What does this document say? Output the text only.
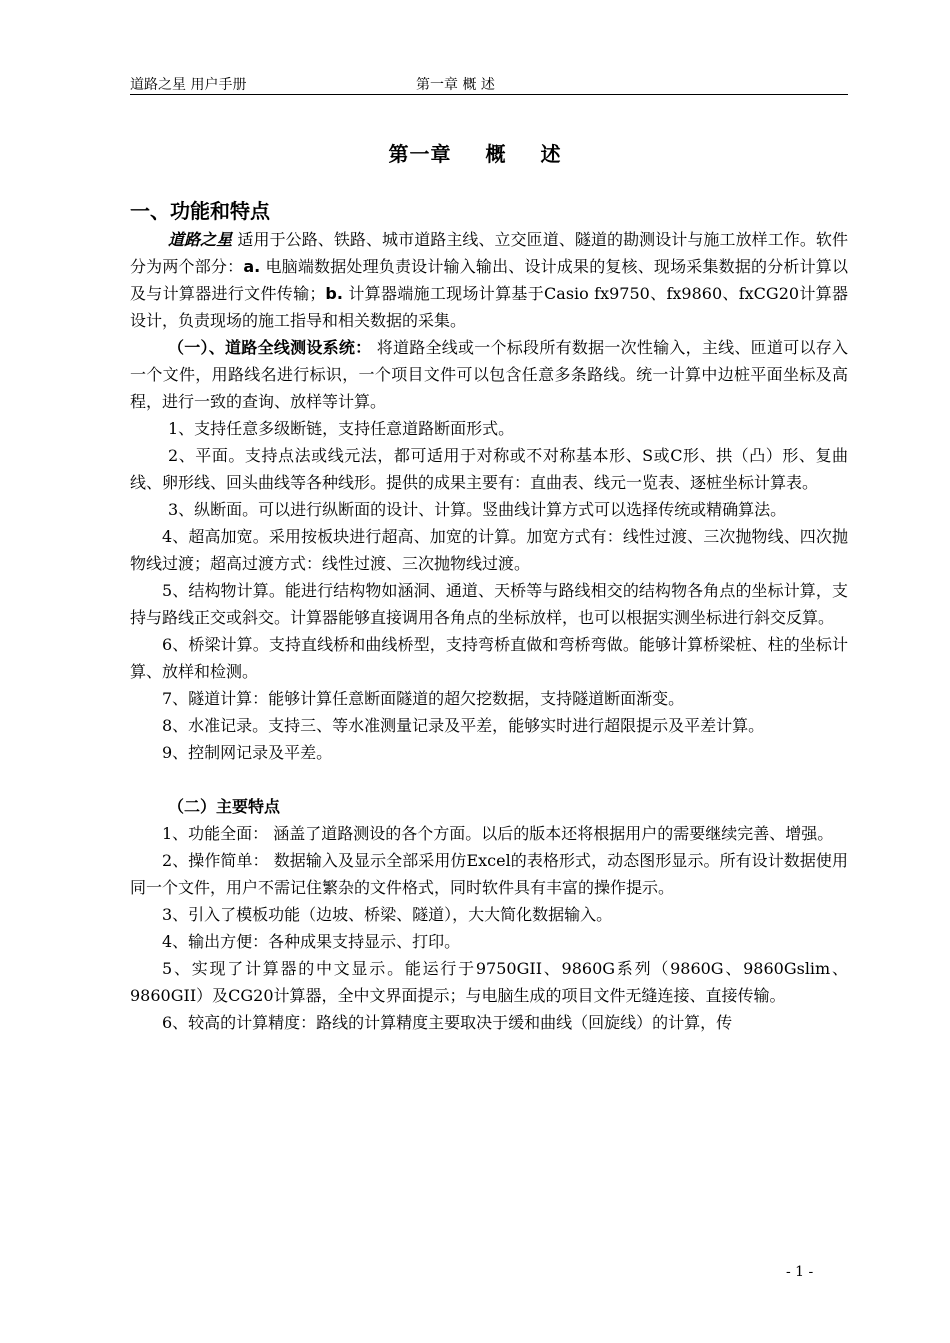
道路之星 用户手册	第一章 概 述
第一章 概 述
一、功能和特点

道路之星 适用于公路、铁路、城市道路主线、立交匝道、隧道的勘测设计与施工放样工作。软件分为两个部分：a. 电脑端数据处理负责设计输入输出、设计成果的复核、现场采集数据的分析计算以及与计算器进行文件传输；b. 计算器端施工现场计算基于Casio fx9750、fx9860、fxCG20计算器设计，负责现场的施工指导和相关数据的采集。

（一）、道路全线测设系统： 将道路全线或一个标段所有数据一次性输入，主线、匝道可以存入一个文件，用路线名进行标识，一个项目文件可以包含任意多条路线。统一计算中边桩平面坐标及高程，进行一致的查询、放样等计算。

1、支持任意多级断链，支持任意道路断面形式。

2、平面。支持点法或线元法，都可适用于对称或不对称基本形、S或C形、拱（凸）形、复曲线、卵形线、回头曲线等各种线形。提供的成果主要有：直曲表、线元一览表、逐桩坐标计算表。

3、纵断面。可以进行纵断面的设计、计算。竖曲线计算方式可以选择传统或精确算法。

4、超高加宽。采用按板块进行超高、加宽的计算。加宽方式有：线性过渡、三次抛物线、四次抛物线过渡；超高过渡方式：线性过渡、三次抛物线过渡。

5、结构物计算。能进行结构物如涵洞、通道、天桥等与路线相交的结构物各角点的坐标计算，支持与路线正交或斜交。计算器能够直接调用各角点的坐标放样，也可以根据实测坐标进行斜交反算。

6、桥梁计算。支持直线桥和曲线桥型，支持弯桥直做和弯桥弯做。能够计算桥梁桩、柱的坐标计算、放样和检测。

7、隧道计算：能够计算任意断面隧道的超欠挖数据，支持隧道断面渐变。

8、水准记录。支持三、等水准测量记录及平差，能够实时进行超限提示及平差计算。

9、控制网记录及平差。

（二）主要特点

1、功能全面： 涵盖了道路测设的各个方面。以后的版本还将根据用户的需要继续完善、增强。

2、操作简单： 数据输入及显示全部采用仿Excel的表格形式，动态图形显示。所有设计数据使用同一个文件，用户不需记住繁杂的文件格式，同时软件具有丰富的操作提示。

3、引入了模板功能（边坡、桥梁、隧道），大大简化数据输入。

4、输出方便：各种成果支持显示、打印。

5、实现了计算器的中文显示。能运行于9750GII、9860G系列（9860G、9860Gslim、9860GII）及CG20计算器，全中文界面提示；与电脑生成的项目文件无缝连接、直接传输。

6、较高的计算精度：路线的计算精度主要取决于缓和曲线（回旋线）的计算，传

- 1 -
